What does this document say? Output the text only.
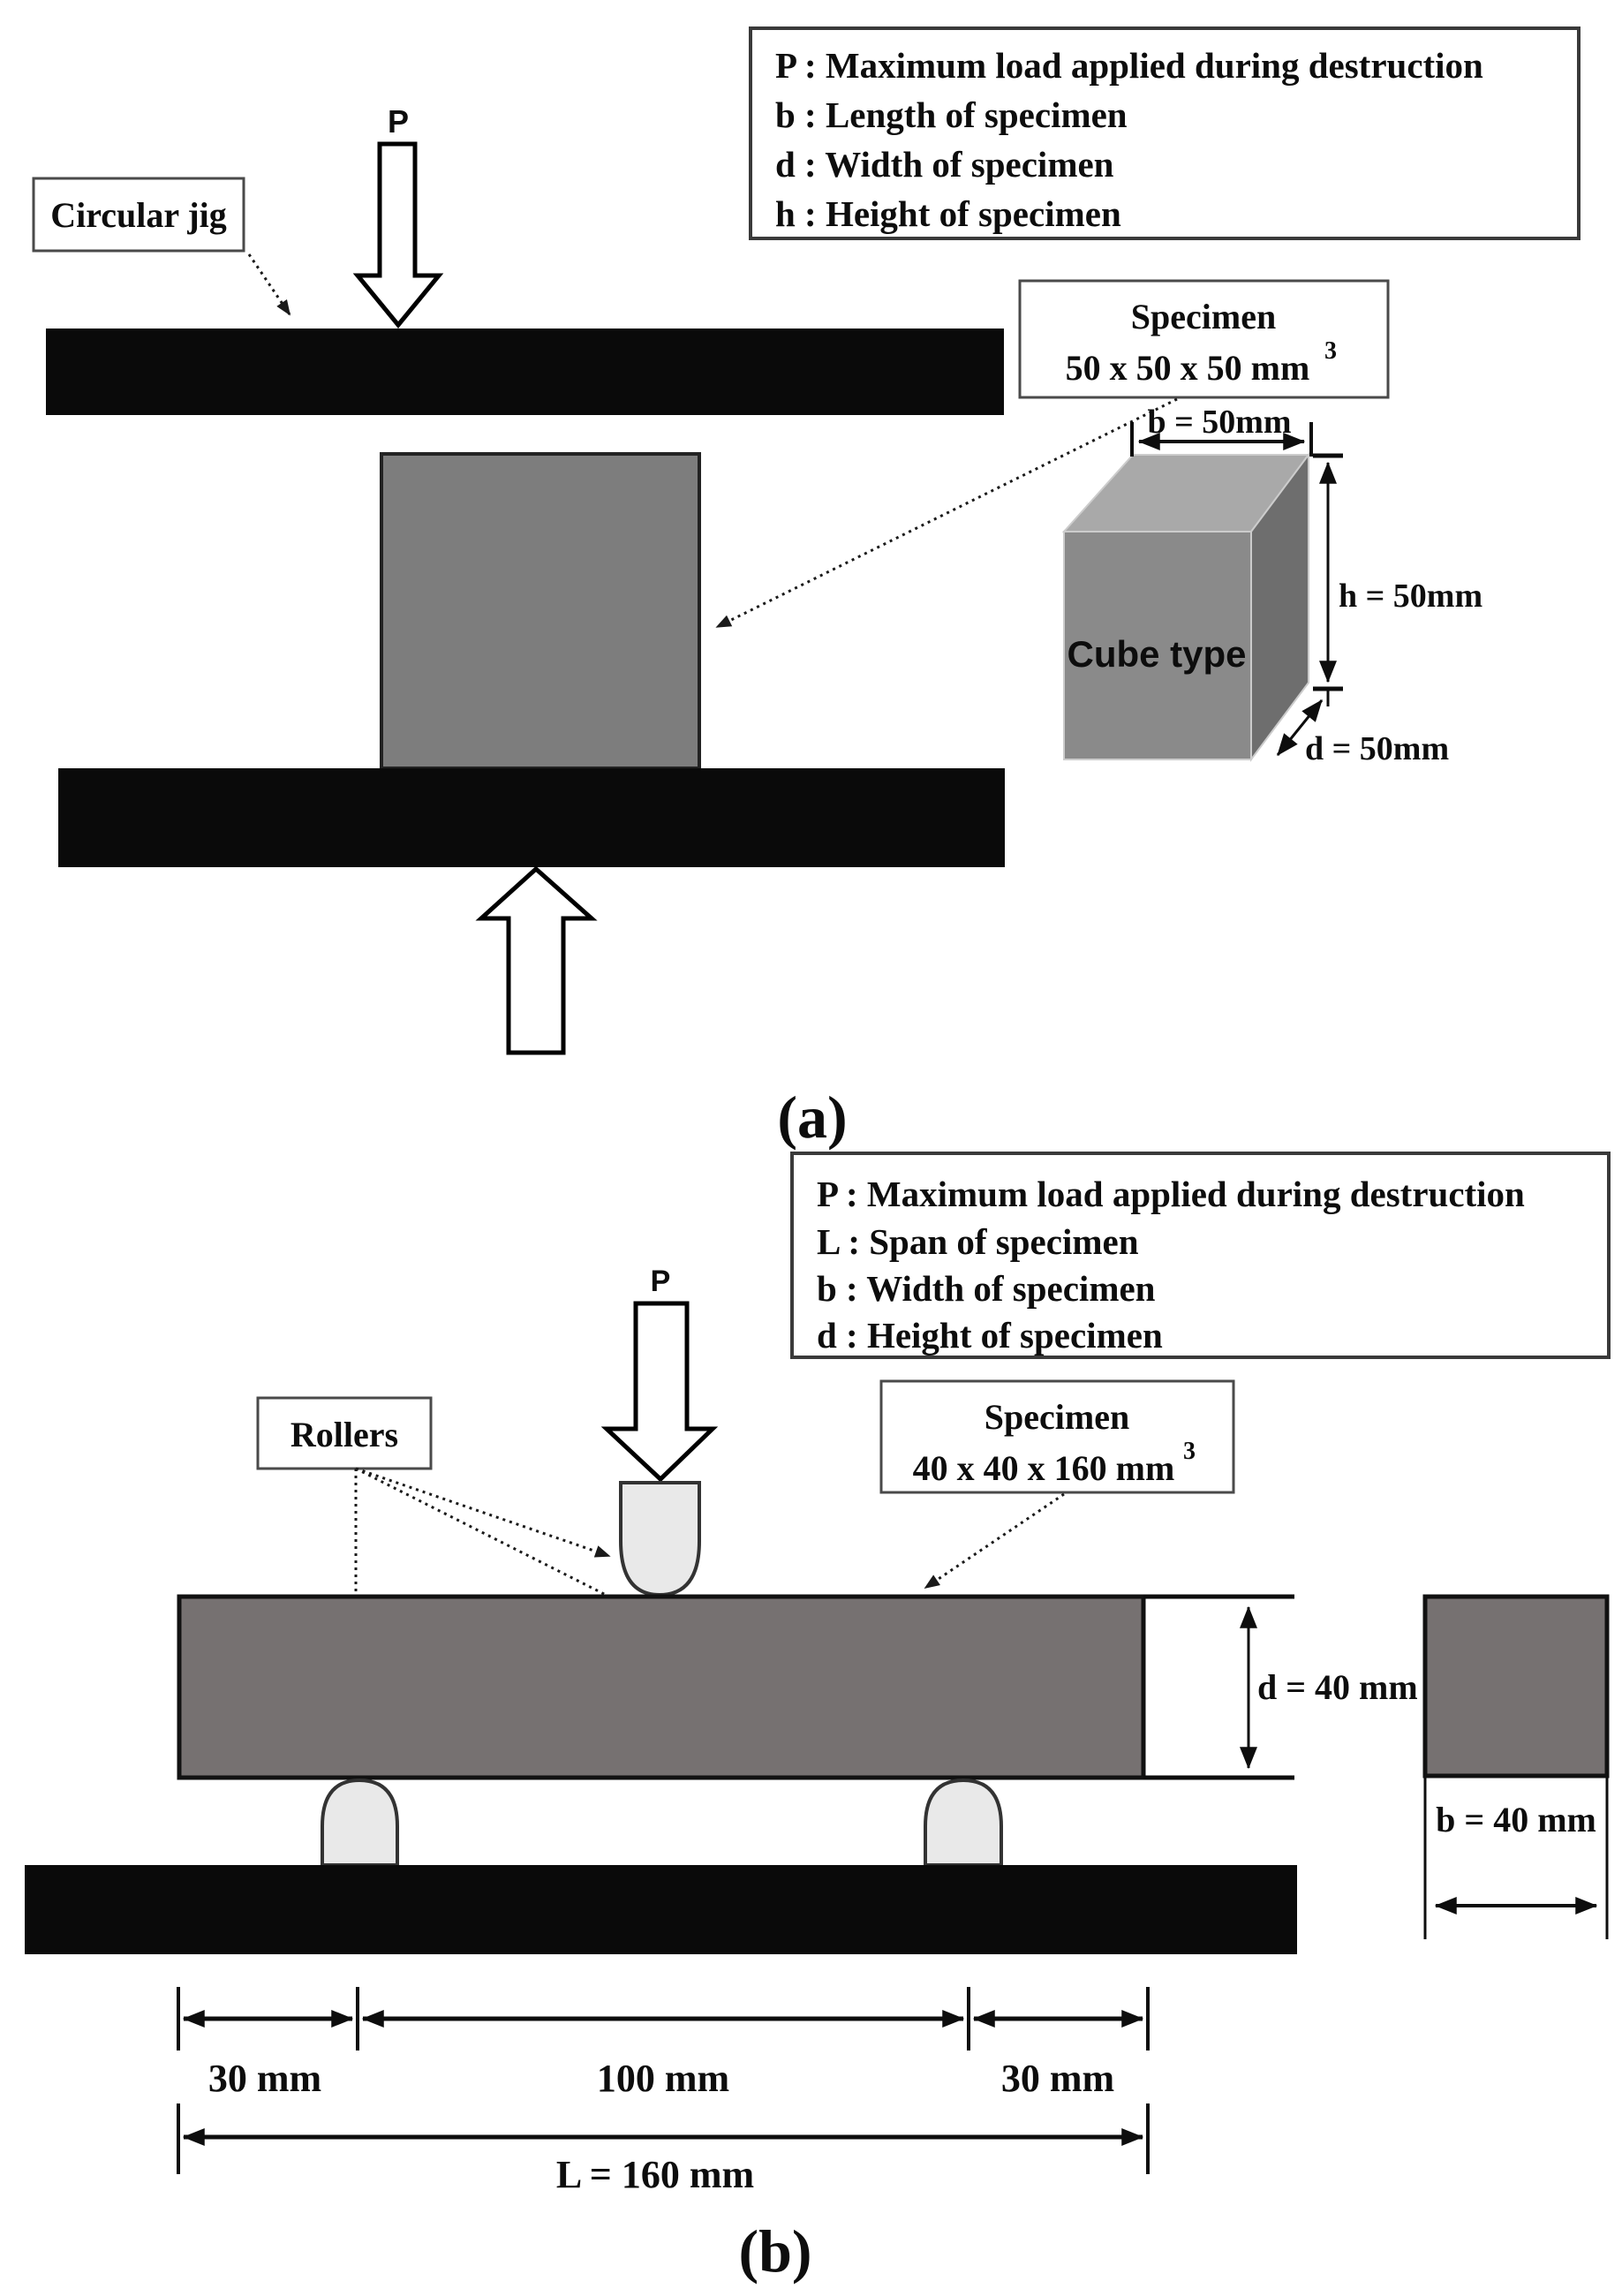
P : Maximum load applied during destruction
b : Length of specimen
d : Width of specimen
h : Height of specimen
Circular jig
P
Specimen
50 x 50 x 50 mm 3
Cube type
b = 50mm
h = 50mm
d = 50mm
(a)
P : Maximum load applied during destruction
L : Span of specimen
b : Width of specimen
d : Height of specimen
Rollers
P
Specimen
40 x 40 x 160 mm 3
d = 40 mm
b = 40 mm
30 mm	100 mm	30 mm
L = 160 mm
(b)
